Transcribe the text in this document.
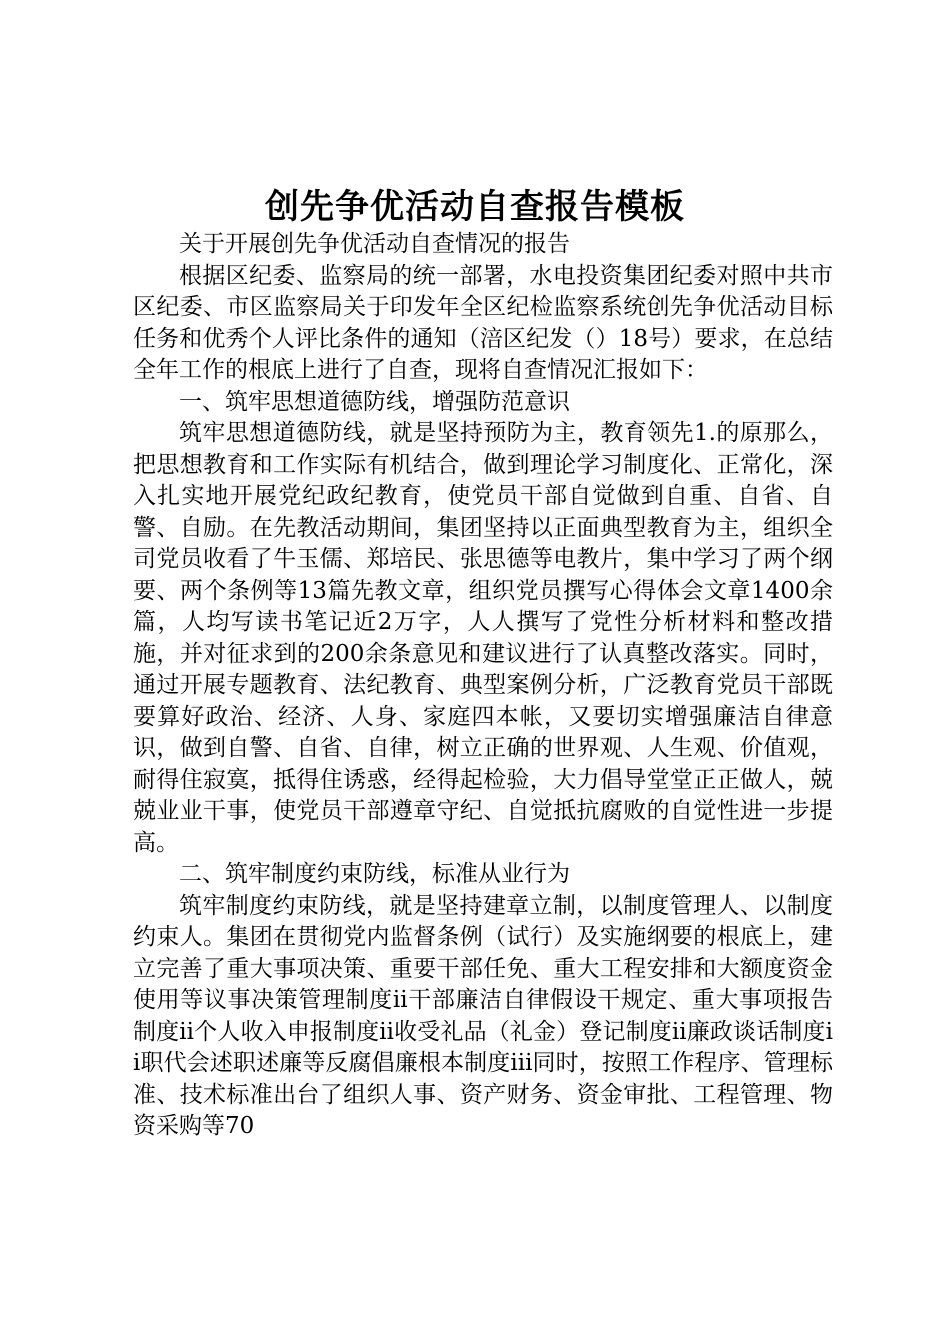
创先争优活动自查报告模板

关于开展创先争优活动自查情况的报告

根据区纪委、监察局的统一部署，水电投资集团纪委对照中共市区纪委、市区监察局关于印发年全区纪检监察系统创先争优活动目标任务和优秀个人评比条件的通知（涪区纪发（）18号）要求，在总结全年工作的根底上进行了自查，现将自查情况汇报如下：

一、筑牢思想道德防线，增强防范意识

筑牢思想道德防线，就是坚持预防为主，教育领先1.的原那么，把思想教育和工作实际有机结合，做到理论学习制度化、正常化，深入扎实地开展党纪政纪教育，使党员干部自觉做到自重、自省、自警、自励。在先教活动期间，集团坚持以正面典型教育为主，组织全司党员收看了牛玉儒、郑培民、张思德等电教片，集中学习了两个纲要、两个条例等13篇先教文章，组织党员撰写心得体会文章1400余篇，人均写读书笔记近2万字，人人撰写了党性分析材料和整改措施，并对征求到的200余条意见和建议进行了认真整改落实。同时，通过开展专题教育、法纪教育、典型案例分析，广泛教育党员干部既要算好政治、经济、人身、家庭四本帐，又要切实增强廉洁自律意识，做到自警、自省、自律，树立正确的世界观、人生观、价值观，耐得住寂寞，抵得住诱惑，经得起检验，大力倡导堂堂正正做人，兢兢业业干事，使党员干部遵章守纪、自觉抵抗腐败的自觉性进一步提高。

二、筑牢制度约束防线，标准从业行为

筑牢制度约束防线，就是坚持建章立制，以制度管理人、以制度约束人。集团在贯彻党内监督条例（试行）及实施纲要的根底上，建立完善了重大事项决策、重要干部任免、重大工程安排和大额度资金使用等议事决策管理制度ii干部廉洁自律假设干规定、重大事项报告制度ii个人收入申报制度ii收受礼品（礼金）登记制度ii廉政谈话制度ii职代会述职述廉等反腐倡廉根本制度iii同时，按照工作程序、管理标准、技术标准出台了组织人事、资产财务、资金审批、工程管理、物资采购等70
